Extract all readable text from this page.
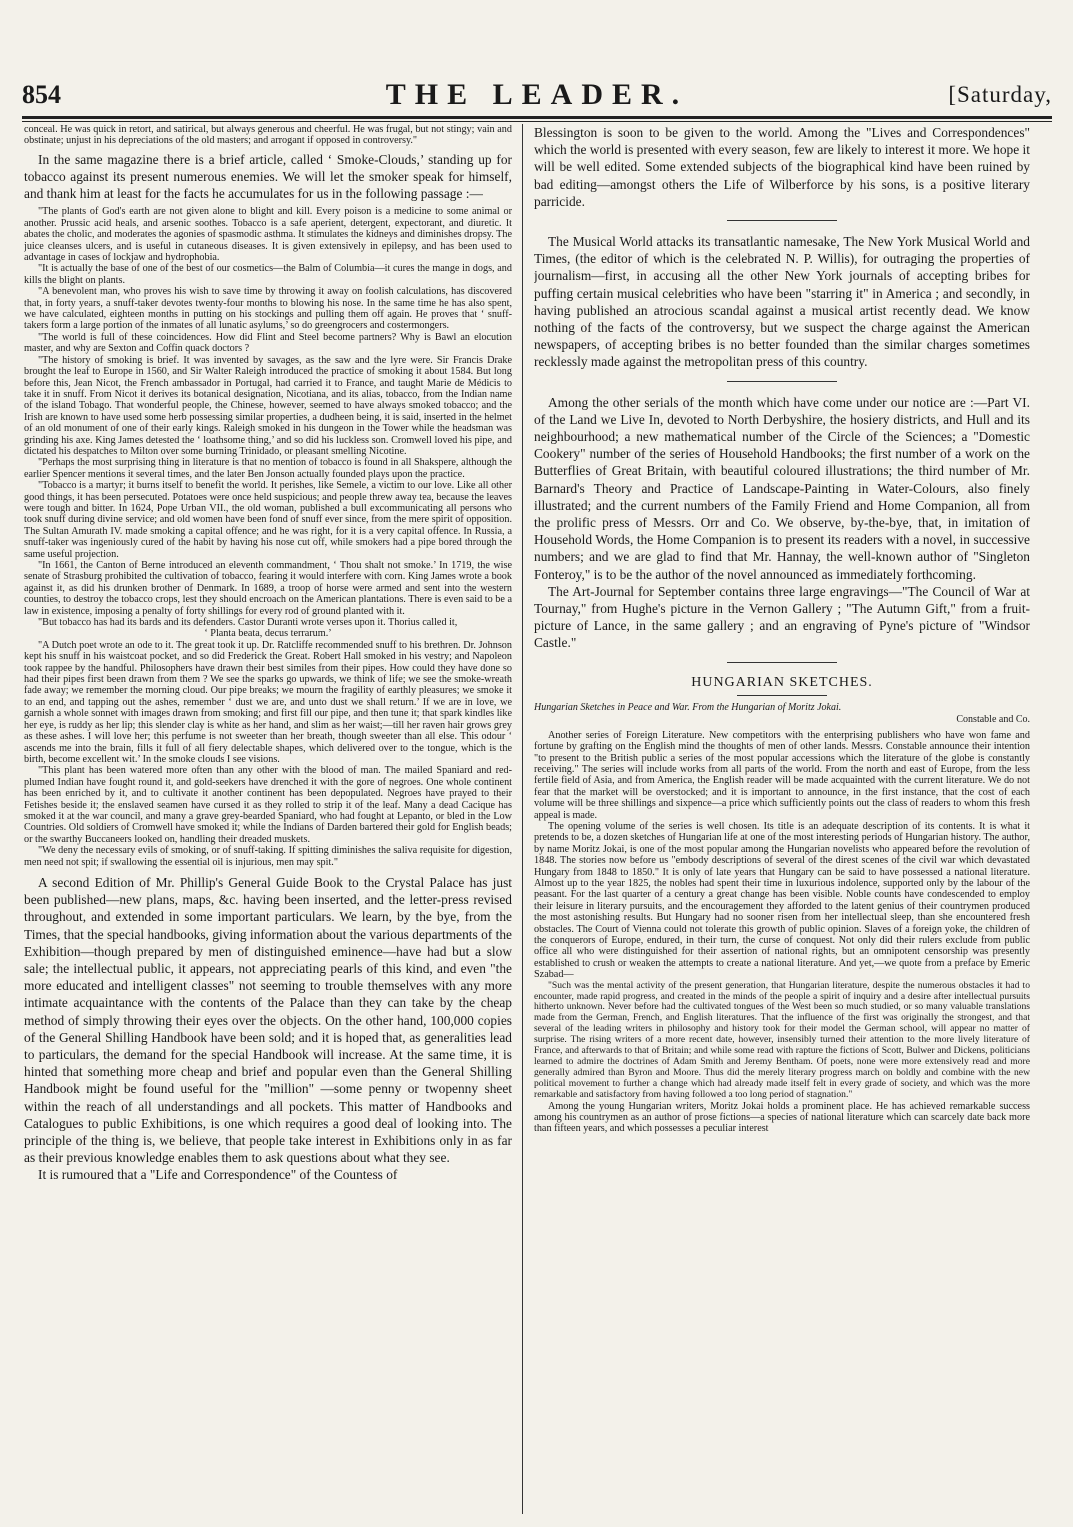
854	THE LEADER.	[Saturday,

conceal. He was quick in retort, and satirical, but always generous and cheerful. He was frugal, but not stingy; vain and obstinate; unjust in his depreciations of the old masters; and arrogant if opposed in controversy."

In the same magazine there is a brief article, called ‘ Smoke-Clouds,’ standing up for tobacco against its present numerous enemies. We will let the smoker speak for himself, and thank him at least for the facts he accumulates for us in the following passage :—

"The plants of God's earth are not given alone to blight and kill. Every poison is a medicine to some animal or another. Prussic acid heals, and arsenic soothes. Tobacco is a safe aperient, detergent, expectorant, and diuretic. It abates the cholic, and moderates the agonies of spasmodic asthma. It stimulates the kidneys and diminishes dropsy. The juice cleanses ulcers, and is useful in cutaneous diseases. It is given extensively in epilepsy, and has been used to advantage in cases of lockjaw and hydrophobia.

"It is actually the base of one of the best of our cosmetics—the Balm of Columbia—it cures the mange in dogs, and kills the blight on plants.

"A benevolent man, who proves his wish to save time by throwing it away on foolish calculations, has discovered that, in forty years, a snuff-taker devotes twenty-four months to blowing his nose. In the same time he has also spent, we have calculated, eighteen months in putting on his stockings and pulling them off again. He proves that ‘ snuff-takers form a large portion of the inmates of all lunatic asylums,’ so do greengrocers and costermongers.

"The world is full of these coincidences. How did Flint and Steel become partners? Why is Bawl an elocution master, and why are Sexton and Coffin quack doctors ?

"The history of smoking is brief. It was invented by savages, as the saw and the lyre were. Sir Francis Drake brought the leaf to Europe in 1560, and Sir Walter Raleigh introduced the practice of smoking it about 1584. But long before this, Jean Nicot, the French ambassador in Portugal, had carried it to France, and taught Marie de Médicis to take it in snuff. From Nicot it derives its botanical designation, Nicotiana, and its alias, tobacco, from the Indian name of the island Tobago. That wonderful people, the Chinese, however, seemed to have always smoked tobacco; and the Irish are known to have used some herb possessing similar properties, a dudheen being, it is said, inserted in the helmet of an old monument of one of their early kings. Raleigh smoked in his dungeon in the Tower while the headsman was grinding his axe. King James detested the ‘ loathsome thing,’ and so did his luckless son. Cromwell loved his pipe, and dictated his despatches to Milton over some burning Trinidado, or pleasant smelling Nicotine.

"Perhaps the most surprising thing in literature is that no mention of tobacco is found in all Shakspere, although the earlier Spencer mentions it several times, and the later Ben Jonson actually founded plays upon the practice.

"Tobacco is a martyr; it burns itself to benefit the world. It perishes, like Semele, a victim to our love. Like all other good things, it has been persecuted. Potatoes were once held suspicious; and people threw away tea, because the leaves were tough and bitter. In 1624, Pope Urban VII., the old woman, published a bull excommunicating all persons who took snuff during divine service; and old women have been fond of snuff ever since, from the mere spirit of opposition. The Sultan Amurath IV. made smoking a capital offence; and he was right, for it is a very capital offence. In Russia, a snuff-taker was ingeniously cured of the habit by having his nose cut off, while smokers had a pipe bored through the same useful projection.

"In 1661, the Canton of Berne introduced an eleventh commandment, ‘ Thou shalt not smoke.’ In 1719, the wise senate of Strasburg prohibited the cultivation of tobacco, fearing it would interfere with corn. King James wrote a book against it, as did his drunken brother of Denmark. In 1689, a troop of horse were armed and sent into the western counties, to destroy the tobacco crops, lest they should encroach on the American plantations. There is even said to be a law in existence, imposing a penalty of forty shillings for every rod of ground planted with it.

"But tobacco has had its bards and its defenders. Castor Duranti wrote verses upon it. Thorius called it,

‘ Planta beata, decus terrarum.’

"A Dutch poet wrote an ode to it. The great took it up. Dr. Ratcliffe recommended snuff to his brethren. Dr. Johnson kept his snuff in his waistcoat pocket, and so did Frederick the Great. Robert Hall smoked in his vestry; and Napoleon took rappee by the handful. Philosophers have drawn their best similes from their pipes. How could they have done so had their pipes first been drawn from them ? We see the sparks go upwards, we think of life; we see the smoke-wreath fade away; we remember the morning cloud. Our pipe breaks; we mourn the fragility of earthly pleasures; we smoke it to an end, and tapping out the ashes, remember ‘ dust we are, and unto dust we shall return.’ If we are in love, we garnish a whole sonnet with images drawn from smoking; and first fill our pipe, and then tune it; that spark kindles like her eye, is ruddy as her lip; this slender clay is white as her hand, and slim as her waist;—till her raven hair grows grey as these ashes. I will love her; this perfume is not sweeter than her breath, though sweeter than all else. This odour ‘ ascends me into the brain, fills it full of all fiery delectable shapes, which delivered over to the tongue, which is the birth, become excellent wit.’ In the smoke clouds I see visions.

"This plant has been watered more often than any other with the blood of man. The mailed Spaniard and red-plumed Indian have fought round it, and gold-seekers have drenched it with the gore of negroes. One whole continent has been enriched by it, and to cultivate it another continent has been depopulated. Negroes have prayed to their Fetishes beside it; the enslaved seamen have cursed it as they rolled to strip it of the leaf. Many a dead Cacique has smoked it at the war council, and many a grave grey-bearded Spaniard, who had fought at Lepanto, or bled in the Low Countries. Old soldiers of Cromwell have smoked it; while the Indians of Darden bartered their gold for English beads; or the swarthy Buccaneers looked on, handling their dreaded muskets.

"We deny the necessary evils of smoking, or of snuff-taking. If spitting diminishes the saliva requisite for digestion, men need not spit; if swallowing the essential oil is injurious, men may spit."

A second Edition of Mr. Phillip's General Guide Book to the Crystal Palace has just been published—new plans, maps, &c. having been inserted, and the letter-press revised throughout, and extended in some important particulars. We learn, by the bye, from the Times, that the special handbooks, giving information about the various departments of the Exhibition—though prepared by men of distinguished eminence—have had but a slow sale; the intellectual public, it appears, not appreciating pearls of this kind, and even "the more educated and intelligent classes" not seeming to trouble themselves with any more intimate acquaintance with the contents of the Palace than they can take by the cheap method of simply throwing their eyes over the objects. On the other hand, 100,000 copies of the General Shilling Handbook have been sold; and it is hoped that, as generalities lead to particulars, the demand for the special Handbook will increase. At the same time, it is hinted that something more cheap and brief and popular even than the General Shilling Handbook might be found useful for the "million" —some penny or twopenny sheet within the reach of all understandings and all pockets. This matter of Handbooks and Catalogues to public Exhibitions, is one which requires a good deal of looking into. The principle of the thing is, we believe, that people take interest in Exhibitions only in as far as their previous knowledge enables them to ask questions about what they see.

It is rumoured that a "Life and Correspondence" of the Countess of

Blessington is soon to be given to the world. Among the "Lives and Correspondences" which the world is presented with every season, few are likely to interest it more. We hope it will be well edited. Some extended subjects of the biographical kind have been ruined by bad editing—amongst others the Life of Wilberforce by his sons, is a positive literary parricide.

The Musical World attacks its transatlantic namesake, The New York Musical World and Times, (the editor of which is the celebrated N. P. Willis), for outraging the properties of journalism—first, in accusing all the other New York journals of accepting bribes for puffing certain musical celebrities who have been "starring it" in America ; and secondly, in having published an atrocious scandal against a musical artist recently dead. We know nothing of the facts of the controversy, but we suspect the charge against the American newspapers, of accepting bribes is no better founded than the similar charges sometimes recklessly made against the metropolitan press of this country.

Among the other serials of the month which have come under our notice are :—Part VI. of the Land we Live In, devoted to North Derbyshire, the hosiery districts, and Hull and its neighbourhood; a new mathematical number of the Circle of the Sciences; a "Domestic Cookery" number of the series of Household Handbooks; the first number of a work on the Butterflies of Great Britain, with beautiful coloured illustrations; the third number of Mr. Barnard's Theory and Practice of Landscape-Painting in Water-Colours, also finely illustrated; and the current numbers of the Family Friend and Home Companion, all from the prolific press of Messrs. Orr and Co. We observe, by-the-bye, that, in imitation of Household Words, the Home Companion is to present its readers with a novel, in successive numbers; and we are glad to find that Mr. Hannay, the well-known author of "Singleton Fonteroy," is to be the author of the novel announced as immediately forthcoming.

The Art-Journal for September contains three large engravings—"The Council of War at Tournay," from Hughe's picture in the Vernon Gallery ; "The Autumn Gift," from a fruit-picture of Lance, in the same gallery ; and an engraving of Pyne's picture of "Windsor Castle."

HUNGARIAN SKETCHES.

Hungarian Sketches in Peace and War. From the Hungarian of Moritz Jokai.

Constable and Co.

Another series of Foreign Literature. New competitors with the enterprising publishers who have won fame and fortune by grafting on the English mind the thoughts of men of other lands. Messrs. Constable announce their intention "to present to the British public a series of the most popular accessions which the literature of the globe is constantly receiving." The series will include works from all parts of the world. From the north and east of Europe, from the less fertile field of Asia, and from America, the English reader will be made acquainted with the current literature. We do not fear that the market will be overstocked; and it is important to announce, in the first instance, that the cost of each volume will be three shillings and sixpence—a price which sufficiently points out the class of readers to whom this fresh appeal is made.

The opening volume of the series is well chosen. Its title is an adequate description of its contents. It is what it pretends to be, a dozen sketches of Hungarian life at one of the most interesting periods of Hungarian history. The author, by name Moritz Jokai, is one of the most popular among the Hungarian novelists who appeared before the revolution of 1848. The stories now before us "embody descriptions of several of the direst scenes of the civil war which devastated Hungary from 1848 to 1850." It is only of late years that Hungary can be said to have possessed a national literature. Almost up to the year 1825, the nobles had spent their time in luxurious indolence, supported only by the labour of the peasant. For the last quarter of a century a great change has been visible. Noble counts have condescended to employ their leisure in literary pursuits, and the encouragement they afforded to the latent genius of their countrymen produced the most astonishing results. But Hungary had no sooner risen from her intellectual sleep, than she encountered fresh obstacles. The Court of Vienna could not tolerate this growth of public opinion. Slaves of a foreign yoke, the children of the conquerors of Europe, endured, in their turn, the curse of conquest. Not only did their rulers exclude from public office all who were distinguished for their assertion of national rights, but an omnipotent censorship was presently established to crush or weaken the attempts to create a national literature. And yet,—we quote from a preface by Emeric Szabad—

"Such was the mental activity of the present generation, that Hungarian literature, despite the numerous obstacles it had to encounter, made rapid progress, and created in the minds of the people a spirit of inquiry and a desire after intellectual pursuits hitherto unknown. Never before had the cultivated tongues of the West been so much studied, or so many valuable translations made from the German, French, and English literatures. That the influence of the first was originally the strongest, and that several of the leading writers in philosophy and history took for their model the German school, will appear no matter of surprise. The rising writers of a more recent date, however, insensibly turned their attention to the more lively literature of France, and afterwards to that of Britain; and while some read with rapture the fictions of Scott, Bulwer and Dickens, politicians learned to admire the doctrines of Adam Smith and Jeremy Bentham. Of poets, none were more extensively read and more generally admired than Byron and Moore. Thus did the merely literary progress march on boldly and combine with the new political movement to further a change which had already made itself felt in every grade of society, and which was the more remarkable and satisfactory from having followed a too long period of stagnation."

Among the young Hungarian writers, Moritz Jokai holds a prominent place. He has achieved remarkable success among his countrymen as an author of prose fictions—a species of national literature which can scarcely date back more than fifteen years, and which possesses a peculiar interest
